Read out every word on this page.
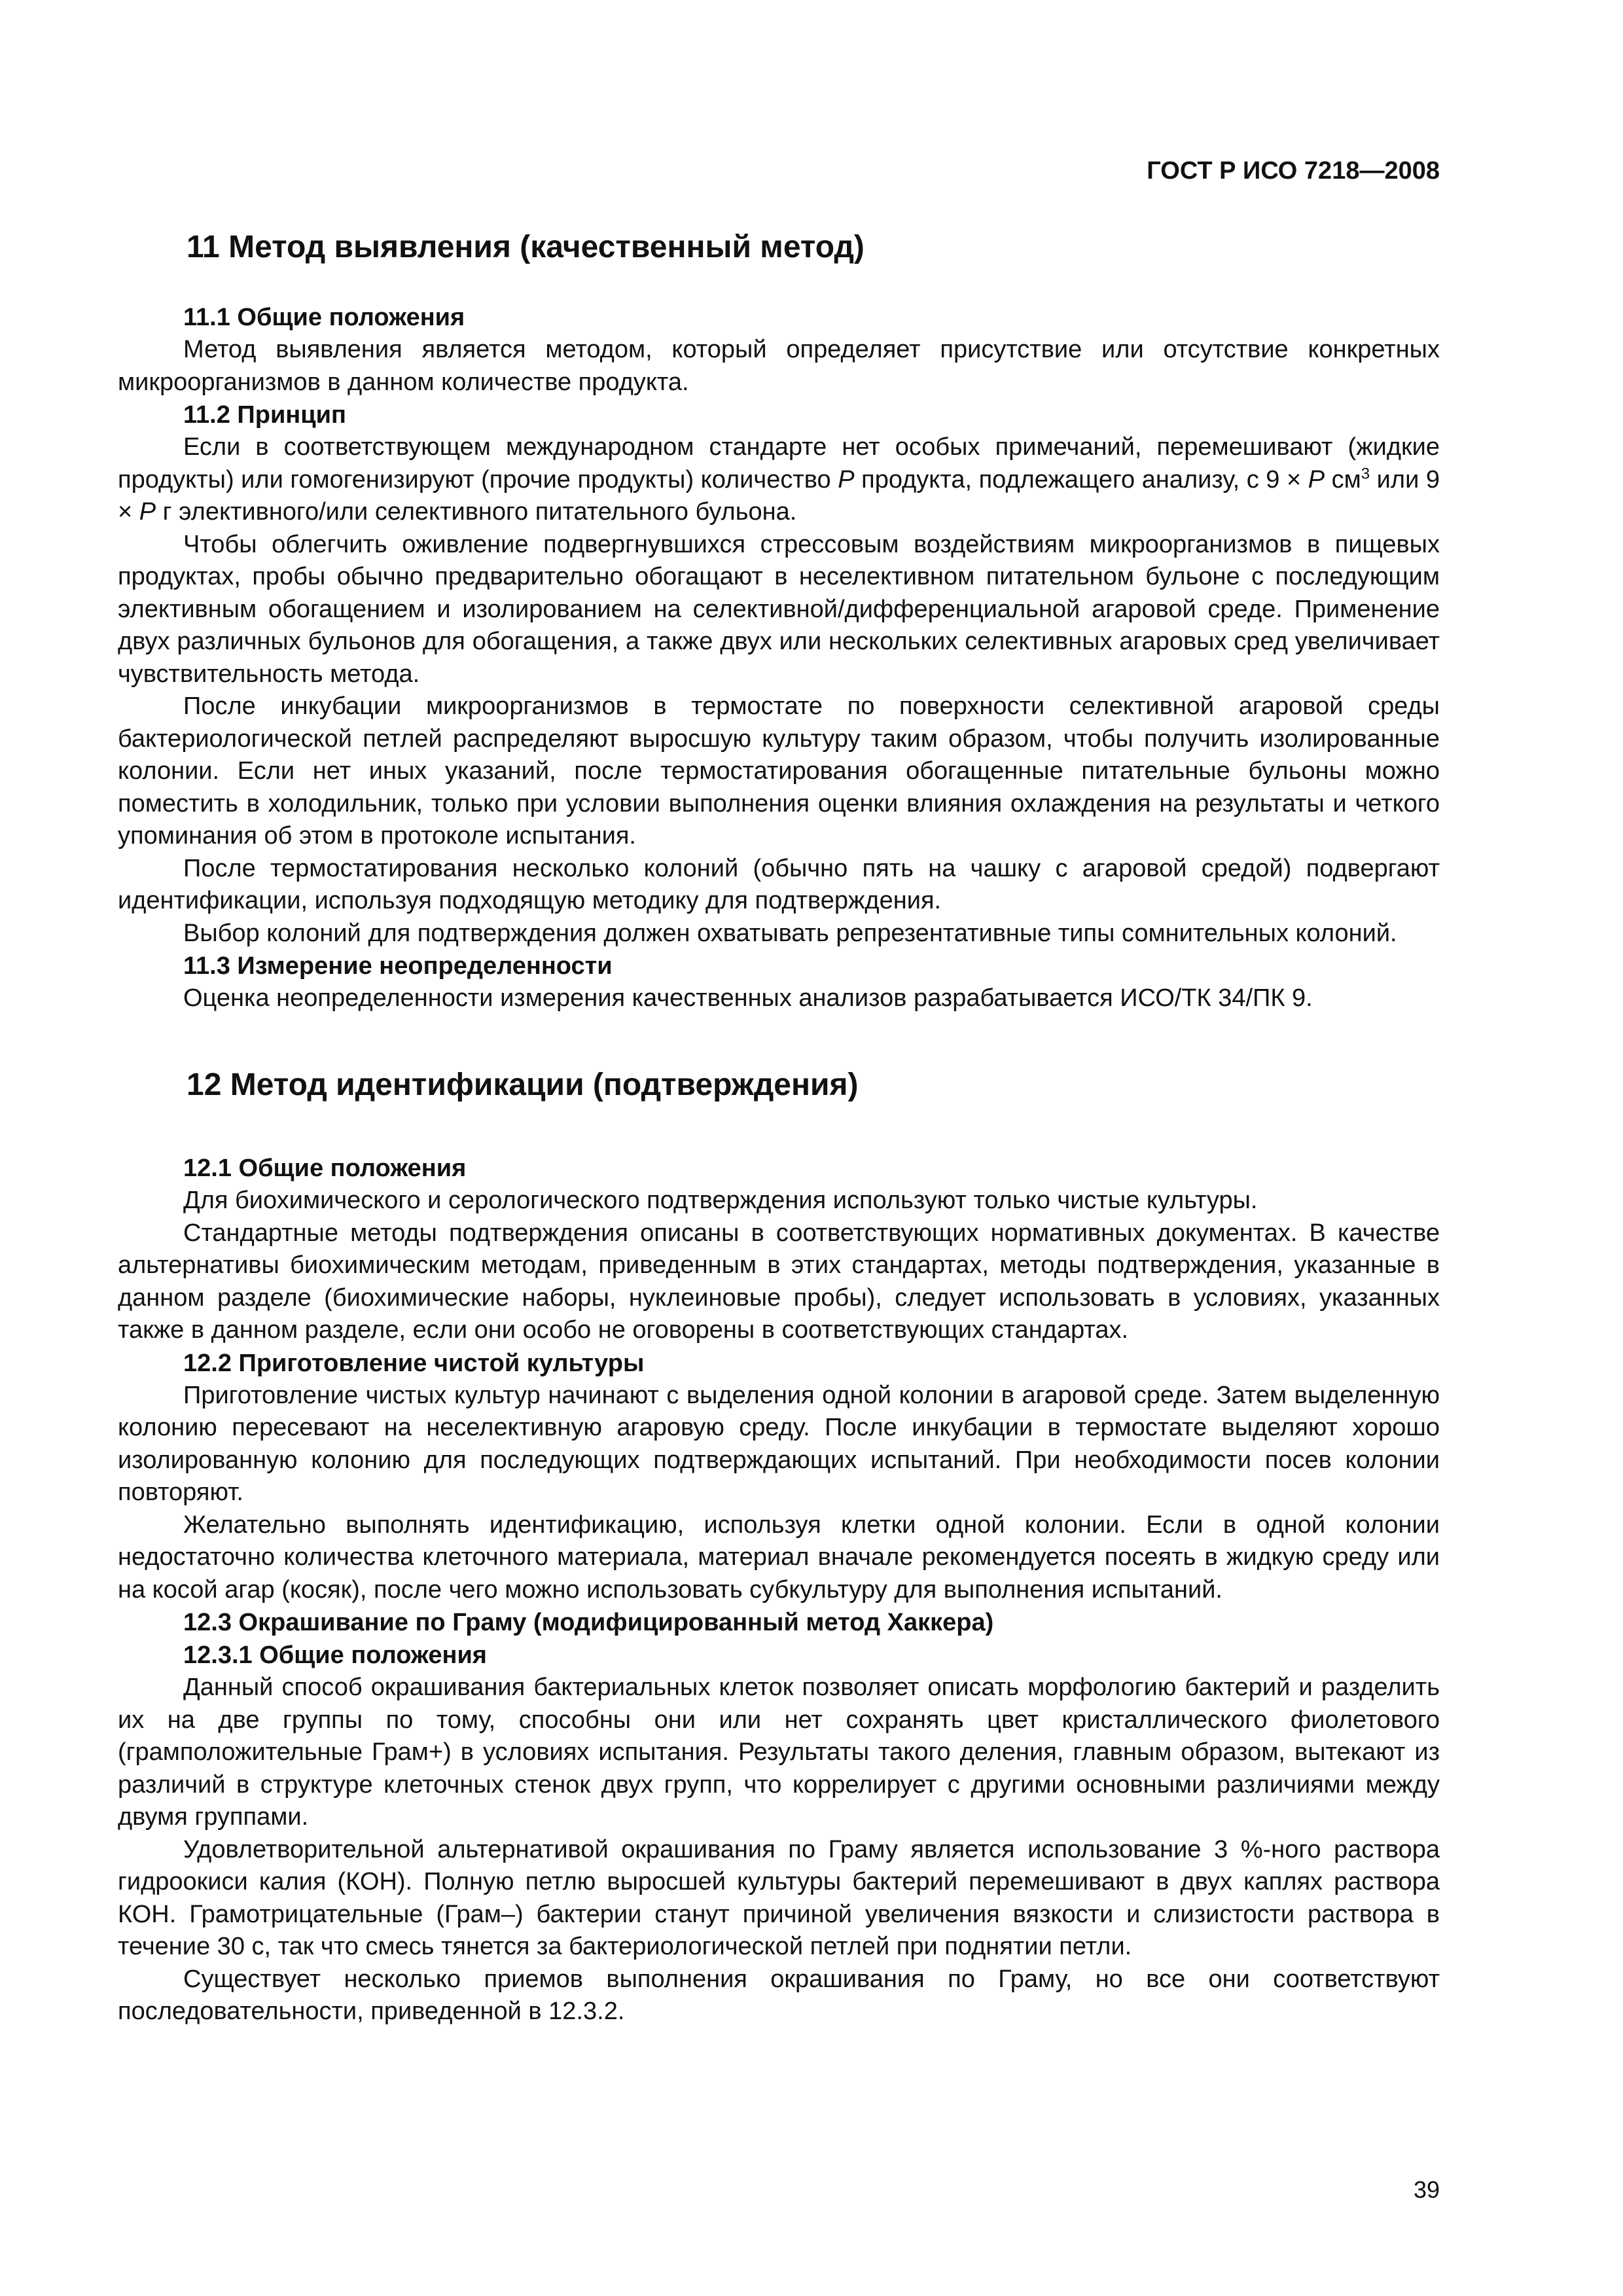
ГОСТ Р ИСО 7218—2008
11 Метод выявления (качественный метод)
11.1 Общие положения

Метод выявления является методом, который определяет присутствие или отсутствие конкретных микроорганизмов в данном количестве продукта.

11.2 Принцип

Если в соответствующем международном стандарте нет особых примечаний, перемешивают (жидкие продукты) или гомогенизируют (прочие продукты) количество P продукта, подлежащего анализу, с 9 × P $см^3$ или 9 × P г элективного/или селективного питательного бульона.

Чтобы облегчить оживление подвергнувшихся стрессовым воздействиям микроорганизмов в пищевых продуктах, пробы обычно предварительно обогащают в неселективном питательном бульоне с последующим элективным обогащением и изолированием на селективной/дифференциальной агаровой среде. Применение двух различных бульонов для обогащения, а также двух или нескольких селективных агаровых сред увеличивает чувствительность метода.

После инкубации микроорганизмов в термостате по поверхности селективной агаровой среды бактериологической петлей распределяют выросшую культуру таким образом, чтобы получить изолированные колонии. Если нет иных указаний, после термостатирования обогащенные питательные бульоны можно поместить в холодильник, только при условии выполнения оценки влияния охлаждения на результаты и четкого упоминания об этом в протоколе испытания.

После термостатирования несколько колоний (обычно пять на чашку с агаровой средой) подвергают идентификации, используя подходящую методику для подтверждения.

Выбор колоний для подтверждения должен охватывать репрезентативные типы сомнительных колоний.

11.3 Измерение неопределенности

Оценка неопределенности измерения качественных анализов разрабатывается ИСО/ТК 34/ПК 9.

12 Метод идентификации (подтверждения)
12.1 Общие положения

Для биохимического и серологического подтверждения используют только чистые культуры.

Стандартные методы подтверждения описаны в соответствующих нормативных документах. В качестве альтернативы биохимическим методам, приведенным в этих стандартах, методы подтверждения, указанные в данном разделе (биохимические наборы, нуклеиновые пробы), следует использовать в условиях, указанных также в данном разделе, если они особо не оговорены в соответствующих стандартах.

12.2 Приготовление чистой культуры

Приготовление чистых культур начинают с выделения одной колонии в агаровой среде. Затем выделенную колонию пересевают на неселективную агаровую среду. После инкубации в термостате выделяют хорошо изолированную колонию для последующих подтверждающих испытаний. При необходимости посев колонии повторяют.

Желательно выполнять идентификацию, используя клетки одной колонии. Если в одной колонии недостаточно количества клеточного материала, материал вначале рекомендуется посеять в жидкую среду или на косой агар (косяк), после чего можно использовать субкультуру для выполнения испытаний.

12.3 Окрашивание по Граму (модифицированный метод Хаккера)
12.3.1 Общие положения

Данный способ окрашивания бактериальных клеток позволяет описать морфологию бактерий и разделить их на две группы по тому, способны они или нет сохранять цвет кристаллического фиолетового (грамположительные Грам+) в условиях испытания. Результаты такого деления, главным образом, вытекают из различий в структуре клеточных стенок двух групп, что коррелирует с другими основными различиями между двумя группами.

Удовлетворительной альтернативой окрашивания по Граму является использование 3 %-ного раствора гидроокиси калия (КОН). Полную петлю выросшей культуры бактерий перемешивают в двух каплях раствора КОН. Грамотрицательные (Грам–) бактерии станут причиной увеличения вязкости и слизистости раствора в течение 30 с, так что смесь тянется за бактериологической петлей при поднятии петли.

Существует несколько приемов выполнения окрашивания по Граму, но все они соответствуют последовательности, приведенной в 12.3.2.

39
